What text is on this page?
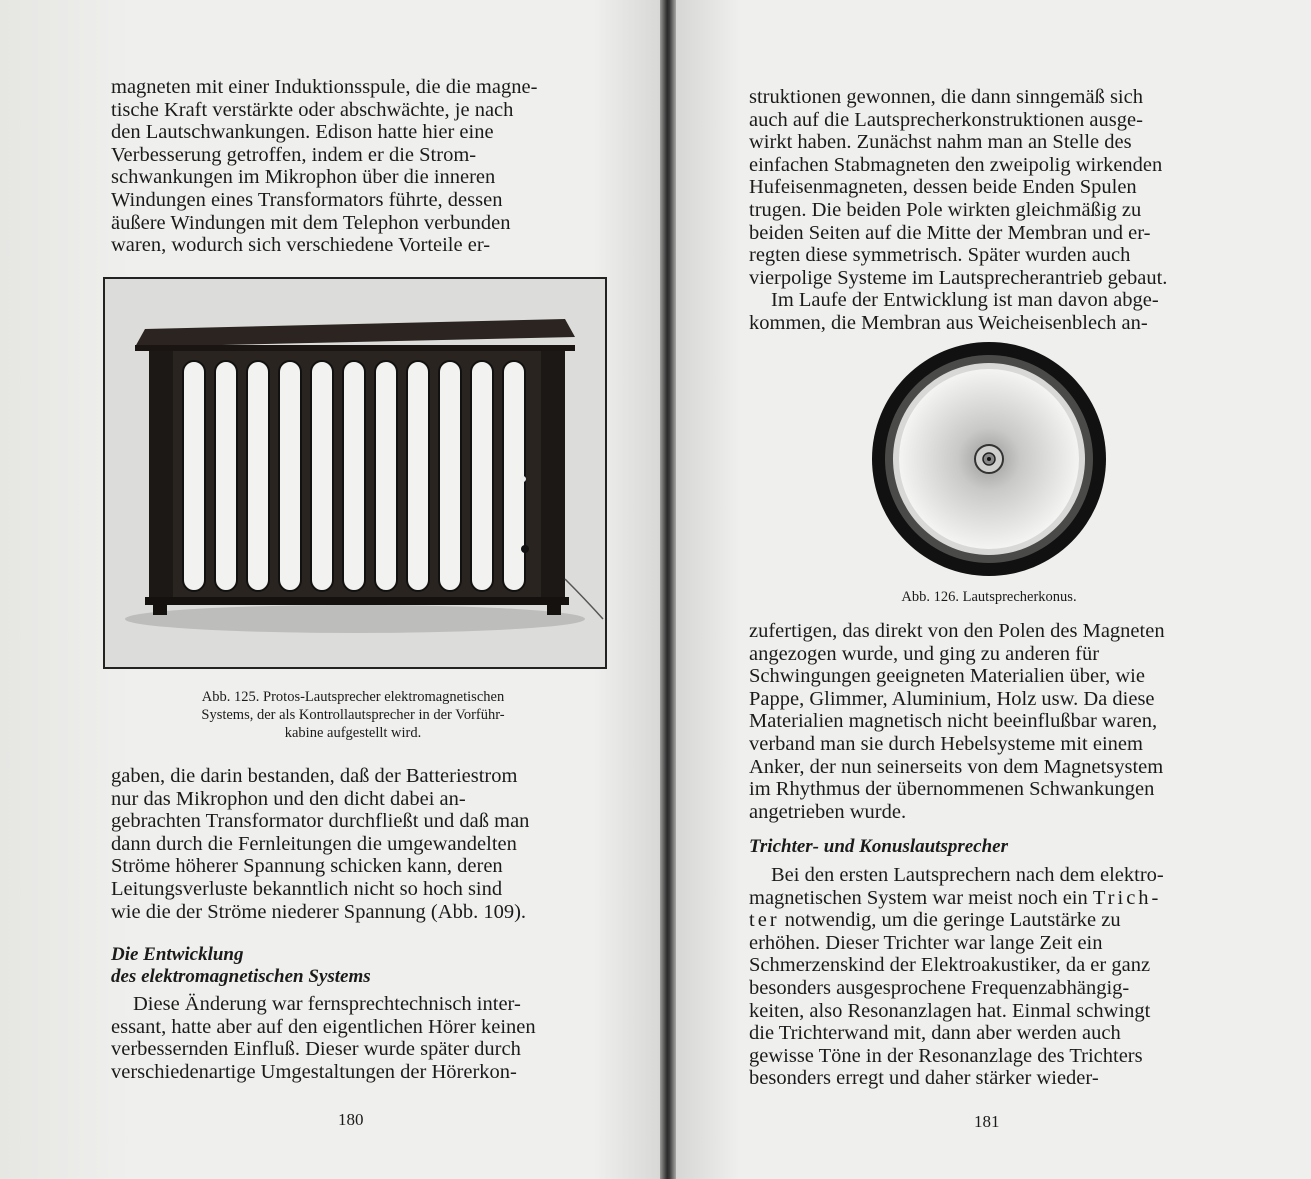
magneten mit einer Induktionsspule, die die magne-

tische Kraft verstärkte oder abschwächte, je nach

den Lautschwankungen. Edison hatte hier eine

Verbesserung getroffen, indem er die Strom-

schwankungen im Mikrophon über die inneren

Windungen eines Transformators führte, dessen

äußere Windungen mit dem Telephon verbunden

waren, wodurch sich verschiedene Vorteile er-

Abb. 125. Protos-Lautsprecher elektromagnetischen
Systems, der als Kontrollautsprecher in der Vorführ-
kabine aufgestellt wird.

gaben, die darin bestanden, daß der Batteriestrom

nur das Mikrophon und den dicht dabei an-

gebrachten Transformator durchfließt und daß man

dann durch die Fernleitungen die umgewandelten

Ströme höherer Spannung schicken kann, deren

Leitungsverluste bekanntlich nicht so hoch sind

wie die der Ströme niederer Spannung (Abb. 109).

Die Entwicklung
des elektromagnetischen Systems

Diese Änderung war fernsprechtechnisch inter-

essant, hatte aber auf den eigentlichen Hörer keinen

verbessernden Einfluß. Dieser wurde später durch

verschiedenartige Umgestaltungen der Hörerkon-

180

struktionen gewonnen, die dann sinngemäß sich

auch auf die Lautsprecherkonstruktionen ausge-

wirkt haben. Zunächst nahm man an Stelle des

einfachen Stabmagneten den zweipolig wirkenden

Hufeisenmagneten, dessen beide Enden Spulen

trugen. Die beiden Pole wirkten gleichmäßig zu

beiden Seiten auf die Mitte der Membran und er-

regten diese symmetrisch. Später wurden auch

vierpolige Systeme im Lautsprecherantrieb gebaut.

Im Laufe der Entwicklung ist man davon abge-

kommen, die Membran aus Weicheisenblech an-

Abb. 126. Lautsprecherkonus.

zufertigen, das direkt von den Polen des Magneten

angezogen wurde, und ging zu anderen für

Schwingungen geeigneten Materialien über, wie

Pappe, Glimmer, Aluminium, Holz usw. Da diese

Materialien magnetisch nicht beeinflußbar waren,

verband man sie durch Hebelsysteme mit einem

Anker, der nun seinerseits von dem Magnetsystem

im Rhythmus der übernommenen Schwankungen

angetrieben wurde.

Trichter- und Konuslautsprecher

Bei den ersten Lautsprechern nach dem elektro-

magnetischen System war meist noch ein Trich-

ter notwendig, um die geringe Lautstärke zu

erhöhen. Dieser Trichter war lange Zeit ein

Schmerzenskind der Elektroakustiker, da er ganz

besonders ausgesprochene Frequenzabhängig-

keiten, also Resonanzlagen hat. Einmal schwingt

die Trichterwand mit, dann aber werden auch

gewisse Töne in der Resonanzlage des Trichters

besonders erregt und daher stärker wieder-

181
